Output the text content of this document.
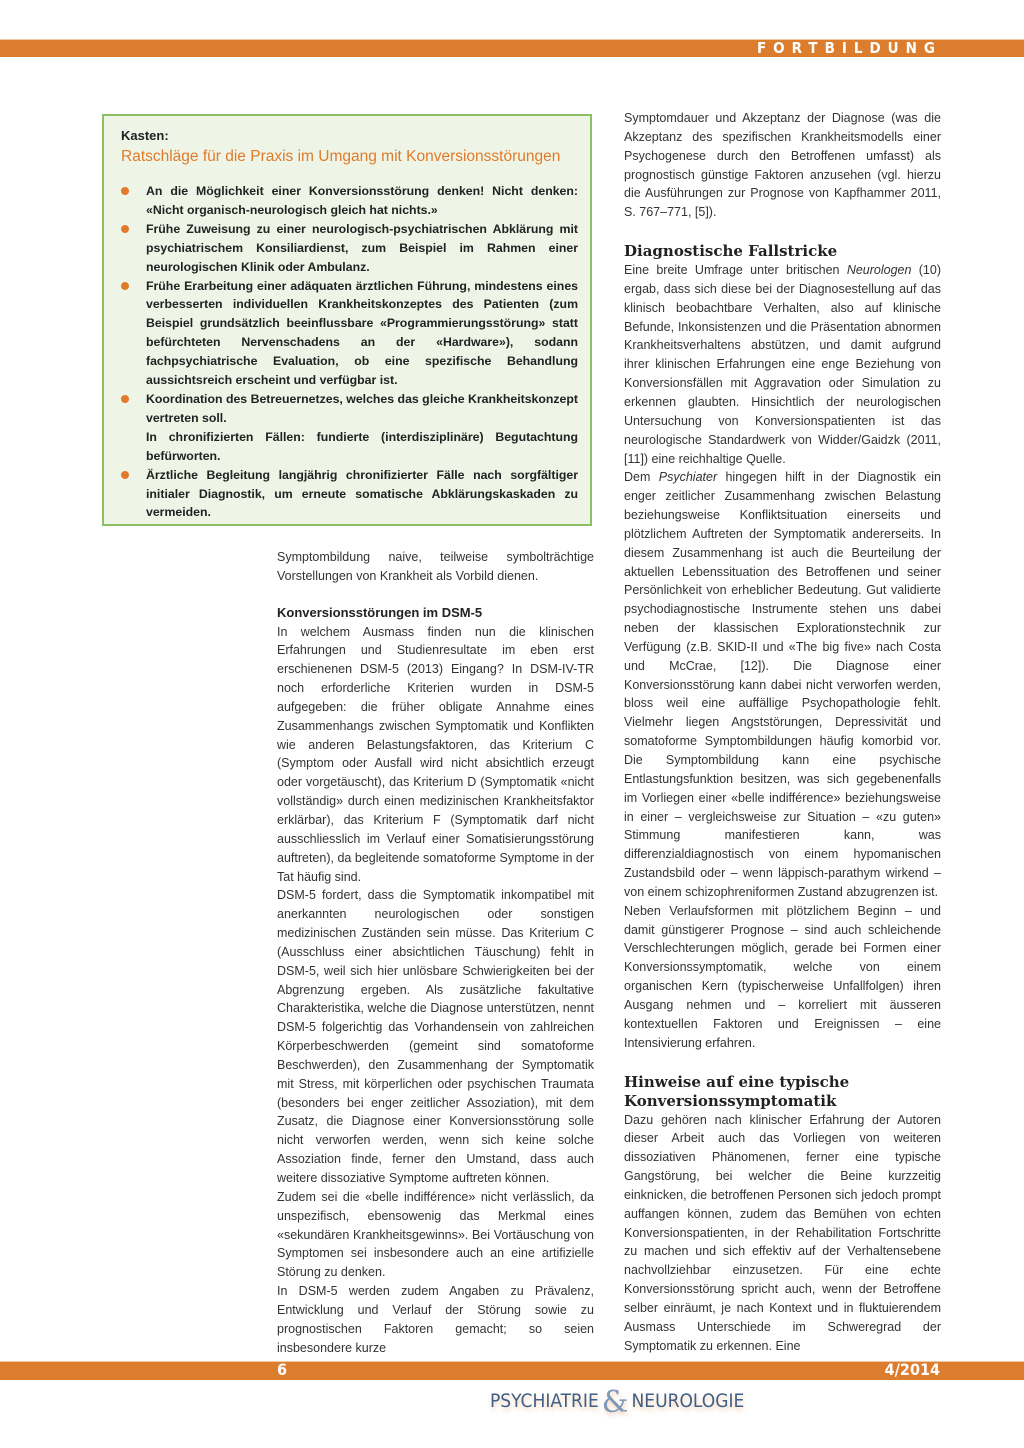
FORTBILDUNG
Kasten:
Ratschläge für die Praxis im Umgang mit Konversionsstörungen
An die Möglichkeit einer Konversionsstörung denken! Nicht denken: «Nicht organisch-neurologisch gleich hat nichts.»
Frühe Zuweisung zu einer neurologisch-psychiatrischen Abklärung mit psychiatrischem Konsiliardienst, zum Beispiel im Rahmen einer neurologischen Klinik oder Ambulanz.
Frühe Erarbeitung einer adäquaten ärztlichen Führung, mindestens eines verbesserten individuellen Krankheitskonzeptes des Patienten (zum Beispiel grundsätzlich beeinflussbare «Programmierungsstörung» statt befürchteten Nervenschadens an der «Hardware»), sodann fachpsychiatrische Evaluation, ob eine spezifische Behandlung aussichtsreich erscheint und verfügbar ist.
Koordination des Betreuernetzes, welches das gleiche Krankheitskonzept vertreten soll.
In chronifizierten Fällen: fundierte (interdisziplinäre) Begutachtung befürworten.
Ärztliche Begleitung langjährig chronifizierter Fälle nach sorgfältiger initialer Diagnostik, um erneute somatische Abklärungskaskaden zu vermeiden.

Symptombildung naive, teilweise symbolträchtige Vorstellungen von Krankheit als Vorbild dienen.

Konversionsstörungen im DSM-5

In welchem Ausmass finden nun die klinischen Erfahrungen und Studienresultate im eben erst erschienenen DSM-5 (2013) Eingang? In DSM-IV-TR noch erforderliche Kriterien wurden in DSM-5 aufgegeben: die früher obligate Annahme eines Zusammenhangs zwischen Symptomatik und Konflikten wie anderen Belastungsfaktoren, das Kriterium C (Symptom oder Ausfall wird nicht absichtlich erzeugt oder vorgetäuscht), das Kriterium D (Symptomatik «nicht vollständig» durch einen medizinischen Krankheitsfaktor erklärbar), das Kriterium F (Symptomatik darf nicht ausschliesslich im Verlauf einer Somatisierungsstörung auftreten), da begleitende somatoforme Symptome in der Tat häufig sind.

DSM-5 fordert, dass die Symptomatik inkompatibel mit anerkannten neurologischen oder sonstigen medizinischen Zuständen sein müsse. Das Kriterium C (Ausschluss einer absichtlichen Täuschung) fehlt in DSM-5, weil sich hier unlösbare Schwierigkeiten bei der Abgrenzung ergeben. Als zusätzliche fakultative Charakteristika, welche die Diagnose unterstützen, nennt DSM-5 folgerichtig das Vorhandensein von zahlreichen Körperbeschwerden (gemeint sind somatoforme Beschwerden), den Zusammenhang der Symptomatik mit Stress, mit körperlichen oder psychischen Traumata (besonders bei enger zeitlicher Assoziation), mit dem Zusatz, die Diagnose einer Konversionsstörung solle nicht verworfen werden, wenn sich keine solche Assoziation finde, ferner den Umstand, dass auch weitere dissoziative Symptome auftreten können.

Zudem sei die «belle indifférence» nicht verlässlich, da unspezifisch, ebensowenig das Merkmal eines «sekundären Krankheitsgewinns». Bei Vortäuschung von Symptomen sei insbesondere auch an eine artifizielle Störung zu denken.

In DSM-5 werden zudem Angaben zu Prävalenz, Entwicklung und Verlauf der Störung sowie zu prognostischen Faktoren gemacht; so seien insbesondere kurze

Symptomdauer und Akzeptanz der Diagnose (was die Akzeptanz des spezifischen Krankheitsmodells einer Psychogenese durch den Betroffenen umfasst) als prognostisch günstige Faktoren anzusehen (vgl. hierzu die Ausführungen zur Prognose von Kapfhammer 2011, S. 767–771, [5]).

Diagnostische Fallstricke

Eine breite Umfrage unter britischen Neurologen (10) ergab, dass sich diese bei der Diagnosestellung auf das klinisch beobachtbare Verhalten, also auf klinische Befunde, Inkonsistenzen und die Präsentation abnormen Krankheitsverhaltens abstützen, und damit aufgrund ihrer klinischen Erfahrungen eine enge Beziehung von Konversionsfällen mit Aggravation oder Simulation zu erkennen glaubten. Hinsichtlich der neurologischen Untersuchung von Konversionspatienten ist das neurologische Standardwerk von Widder/Gaidzk (2011, [11]) eine reichhaltige Quelle.

Dem Psychiater hingegen hilft in der Diagnostik ein enger zeitlicher Zusammenhang zwischen Belastung beziehungsweise Konfliktsituation einerseits und plötzlichem Auftreten der Symptomatik andererseits. In diesem Zusammenhang ist auch die Beurteilung der aktuellen Lebenssituation des Betroffenen und seiner Persönlichkeit von erheblicher Bedeutung. Gut validierte psychodiagnostische Instrumente stehen uns dabei neben der klassischen Explorationstechnik zur Verfügung (z.B. SKID-II und «The big five» nach Costa und McCrae, [12]). Die Diagnose einer Konversionsstörung kann dabei nicht verworfen werden, bloss weil eine auffällige Psychopathologie fehlt. Vielmehr liegen Angststörungen, Depressivität und somatoforme Symptombildungen häufig komorbid vor. Die Symptombildung kann eine psychische Entlastungsfunktion besitzen, was sich gegebenenfalls im Vorliegen einer «belle indifférence» beziehungsweise in einer – vergleichsweise zur Situation – «zu guten» Stimmung manifestieren kann, was differenzialdiagnostisch von einem hypomanischen Zustandsbild oder – wenn läppisch-parathym wirkend – von einem schizophreniformen Zustand abzugrenzen ist.

Neben Verlaufsformen mit plötzlichem Beginn – und damit günstigerer Prognose – sind auch schleichende Verschlechterungen möglich, gerade bei Formen einer Konversionssymptomatik, welche von einem organischen Kern (typischerweise Unfallfolgen) ihren Ausgang nehmen und – korreliert mit äusseren kontextuellen Faktoren und Ereignissen – eine Intensivierung erfahren.

Hinweise auf eine typische
Konversionssymptomatik

Dazu gehören nach klinischer Erfahrung der Autoren dieser Arbeit auch das Vorliegen von weiteren dissoziativen Phänomenen, ferner eine typische Gangstörung, bei welcher die Beine kurzzeitig einknicken, die betroffenen Personen sich jedoch prompt auffangen können, zudem das Bemühen von echten Konversionspatienten, in der Rehabilitation Fortschritte zu machen und sich effektiv auf der Verhaltensebene nachvollziehbar einzusetzen. Für eine echte Konversionsstörung spricht auch, wenn der Betroffene selber einräumt, je nach Kontext und in fluktuierendem Ausmass Unterschiede im Schweregrad der Symptomatik zu erkennen. Eine

6	4/2014
PSYCHIATRIE & NEUROLOGIE
